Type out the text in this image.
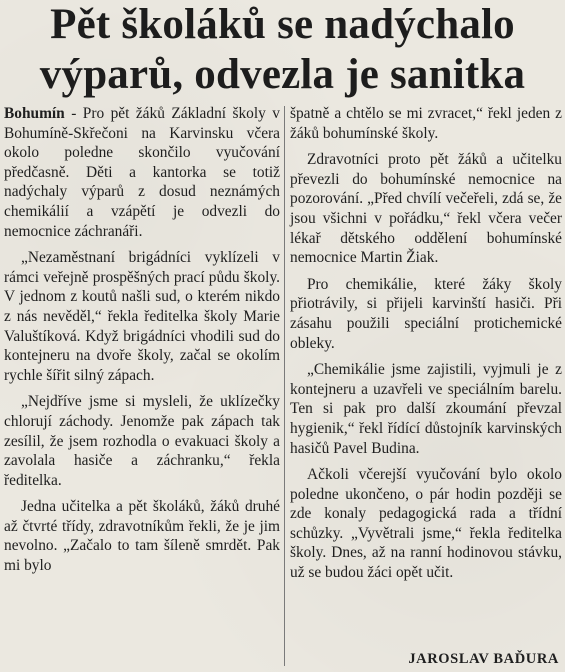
Pět školáků se nadýchalo
výparů, odvezla je sanitka

Bohumín - Pro pět žáků Základní školy v Bohumíně-Skřečoni na Karvinsku včera okolo poledne skončilo vyučování předčasně. Děti a kantorka se totiž nadýchaly výparů z dosud neznámých chemikálií a vzápětí je odvezli do nemocnice záchranáři.

„Nezaměstnaní brigádníci vyklízeli v rámci veřejně prospěšných prací půdu školy. V jednom z koutů našli sud, o kterém nikdo z nás nevěděl,“ řekla ředitelka školy Marie Valuštíková. Když brigádníci vhodili sud do kontejneru na dvoře školy, začal se okolím rychle šířit silný zápach.

„Nejdříve jsme si mysleli, že uklízečky chlorují záchody. Jenomže pak zápach tak zesílil, že jsem rozhodla o evakuaci školy a zavolala hasiče a záchranku,“ řekla ředitelka.

Jedna učitelka a pět školáků, žáků druhé až čtvrté třídy, zdravotníkům řekli, že je jim nevolno. „Začalo to tam šíleně smrdět. Pak mi bylo

špatně a chtělo se mi zvracet,“ řekl jeden z žáků bohumínské školy.

Zdravotníci proto pět žáků a učitelku převezli do bohumínské nemocnice na pozorování. „Před chvílí večeřeli, zdá se, že jsou všichni v pořádku,“ řekl včera večer lékař dětského oddělení bohumínské nemocnice Martin Žiak.

Pro chemikálie, které žáky školy přiotrávily, si přijeli karvinští hasiči. Při zásahu použili speciální protichemické obleky.

„Chemikálie jsme zajistili, vyjmuli je z kontejneru a uzavřeli ve speciálním barelu. Ten si pak pro další zkoumání převzal hygienik,“ řekl řídící důstojník karvinských hasičů Pavel Budina.

Ačkoli včerejší vyučování bylo okolo poledne ukončeno, o pár hodin později se zde konaly pedagogická rada a třídní schůzky. „Vyvětrali jsme,“ řekla ředitelka školy. Dnes, až na ranní hodinovou stávku, už se budou žáci opět učit.

JAROSLAV BAĎURA
